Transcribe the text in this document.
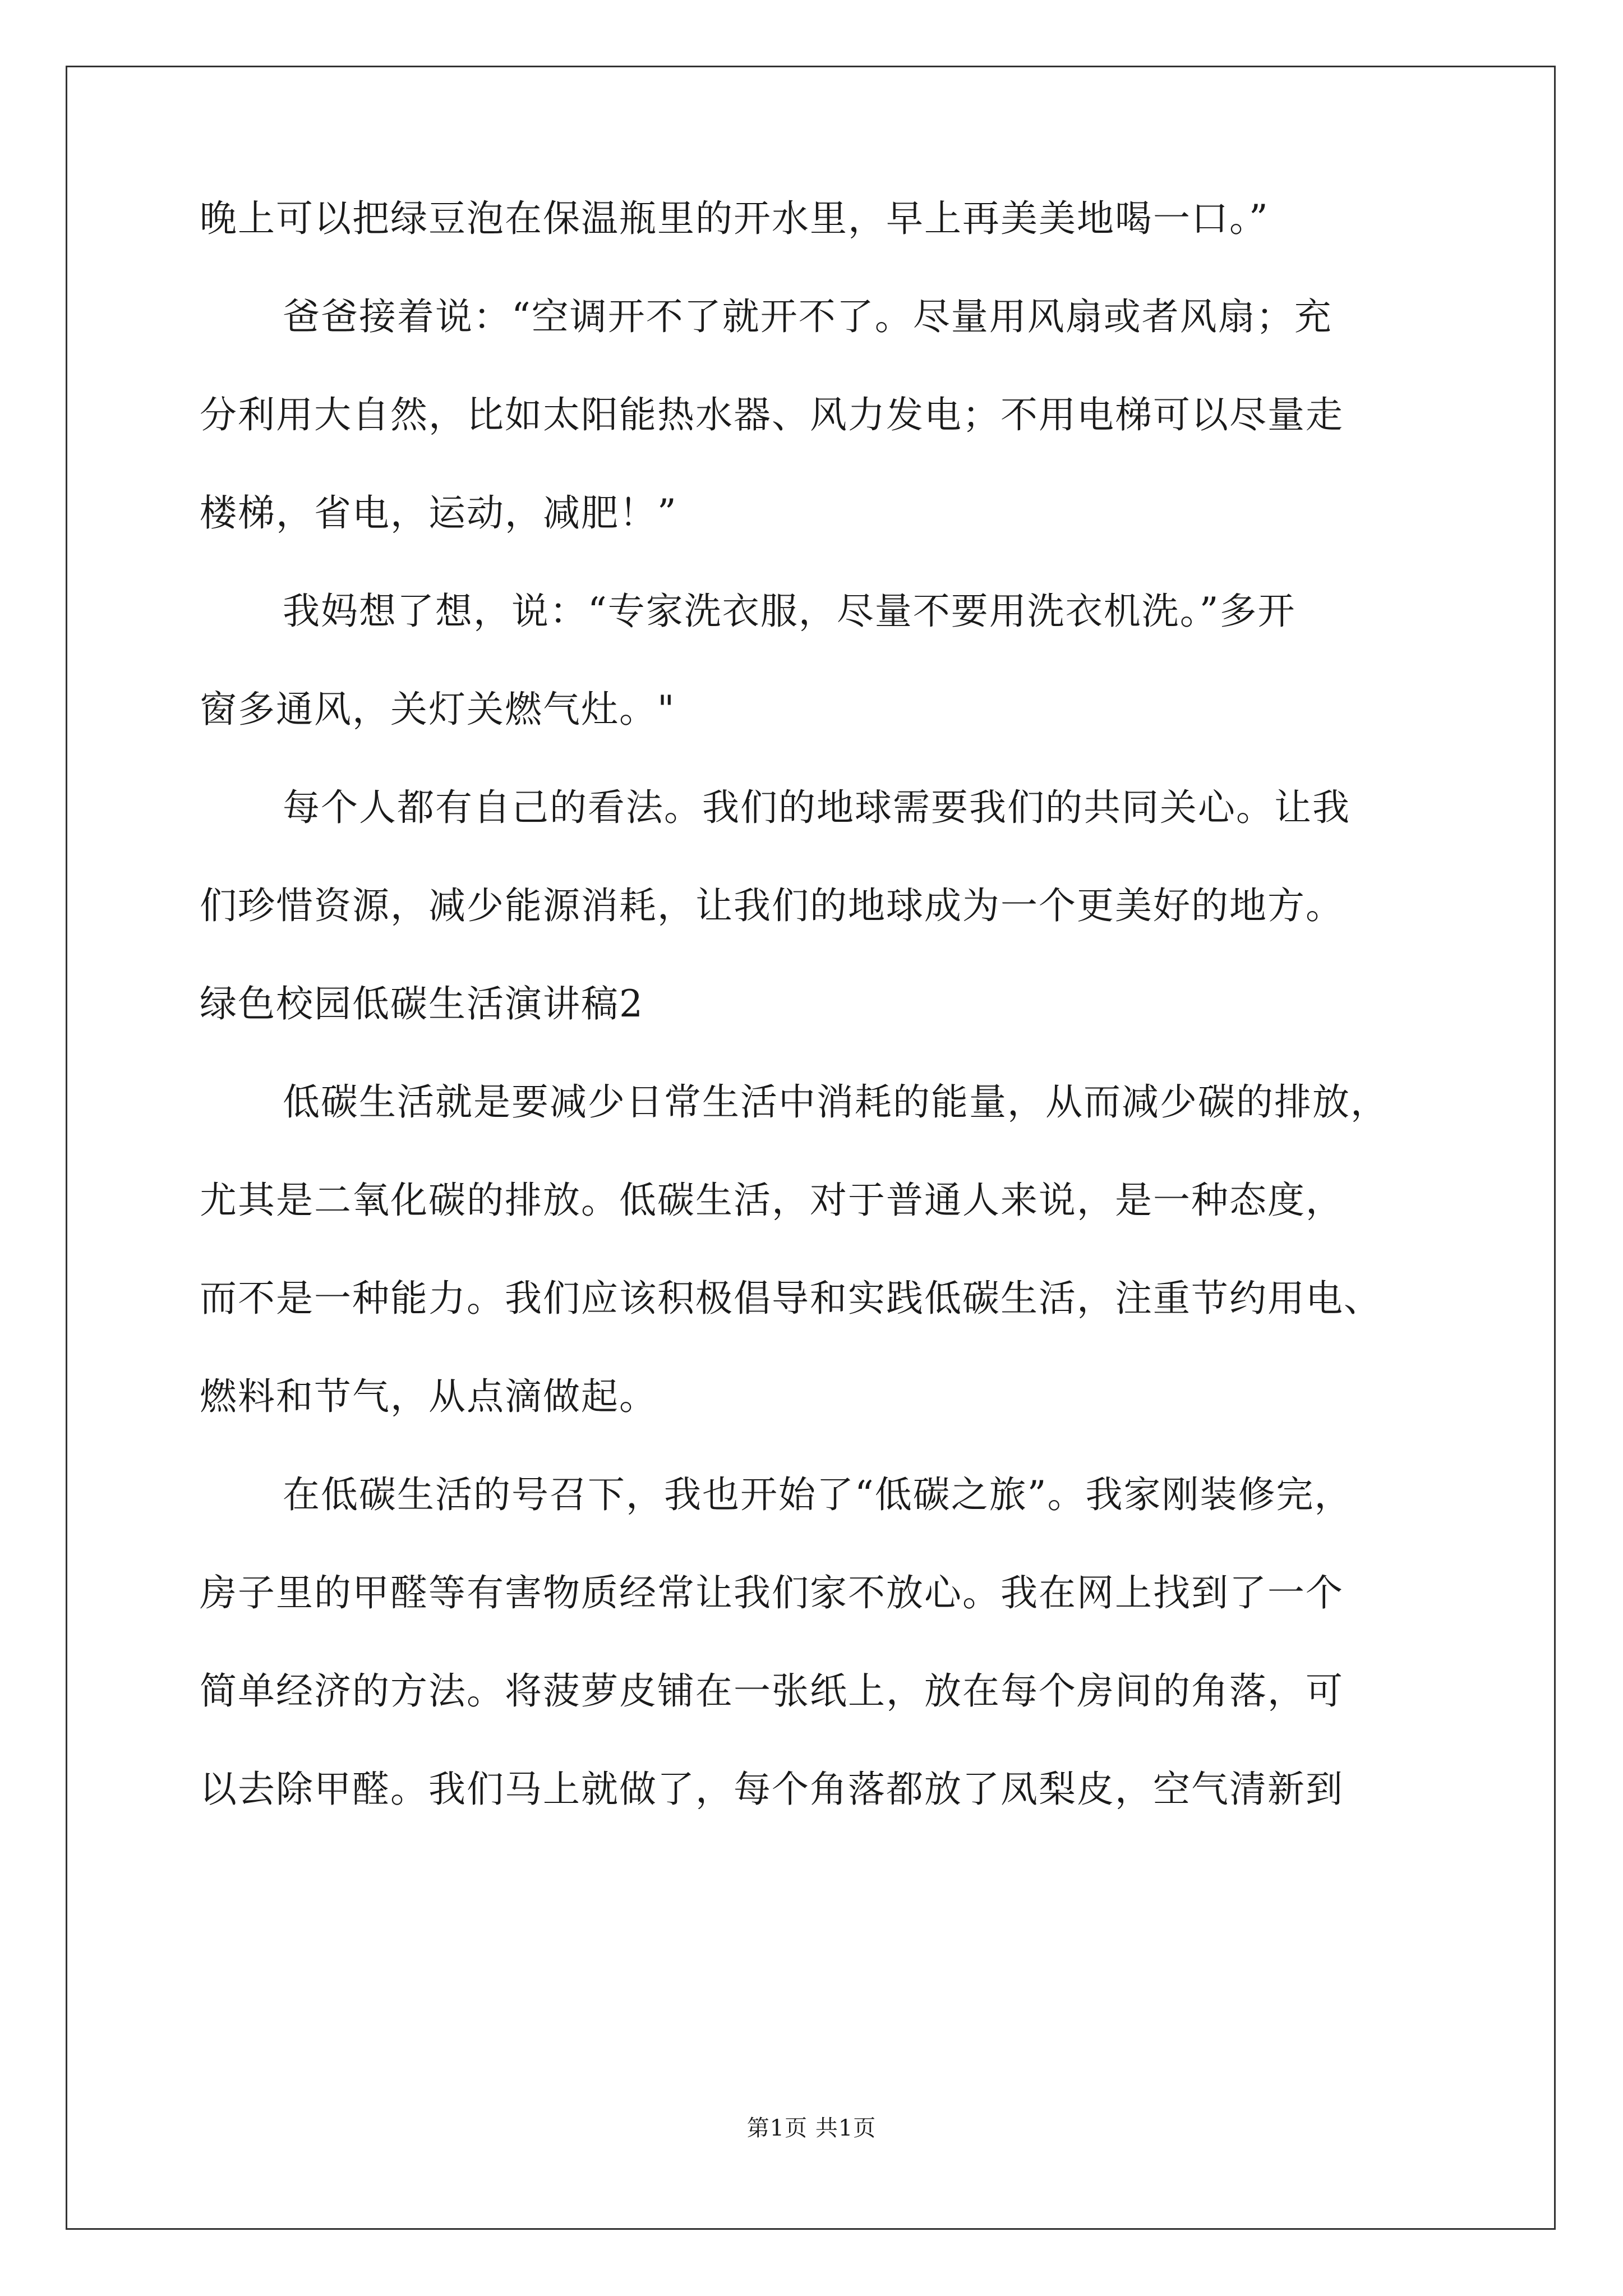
晚上可以把绿豆泡在保温瓶里的开水里，早上再美美地喝一口。”
爸爸接着说：“空调开不了就开不了。尽量用风扇或者风扇；充
分利用大自然，比如太阳能热水器、风力发电；不用电梯可以尽量走
楼梯，省电，运动，减肥！”
我妈想了想，说：“专家洗衣服，尽量不要用洗衣机洗。”多开
窗多通风，关灯关燃气灶。"
每个人都有自己的看法。我们的地球需要我们的共同关心。让我
们珍惜资源，减少能源消耗，让我们的地球成为一个更美好的地方。
绿色校园低碳生活演讲稿2
低碳生活就是要减少日常生活中消耗的能量，从而减少碳的排放，
尤其是二氧化碳的排放。低碳生活，对于普通人来说，是一种态度，
而不是一种能力。我们应该积极倡导和实践低碳生活，注重节约用电、
燃料和节气，从点滴做起。
在低碳生活的号召下，我也开始了“低碳之旅”。我家刚装修完，
房子里的甲醛等有害物质经常让我们家不放心。我在网上找到了一个
简单经济的方法。将菠萝皮铺在一张纸上，放在每个房间的角落，可
以去除甲醛。我们马上就做了，每个角落都放了凤梨皮，空气清新到
第1页 共1页
